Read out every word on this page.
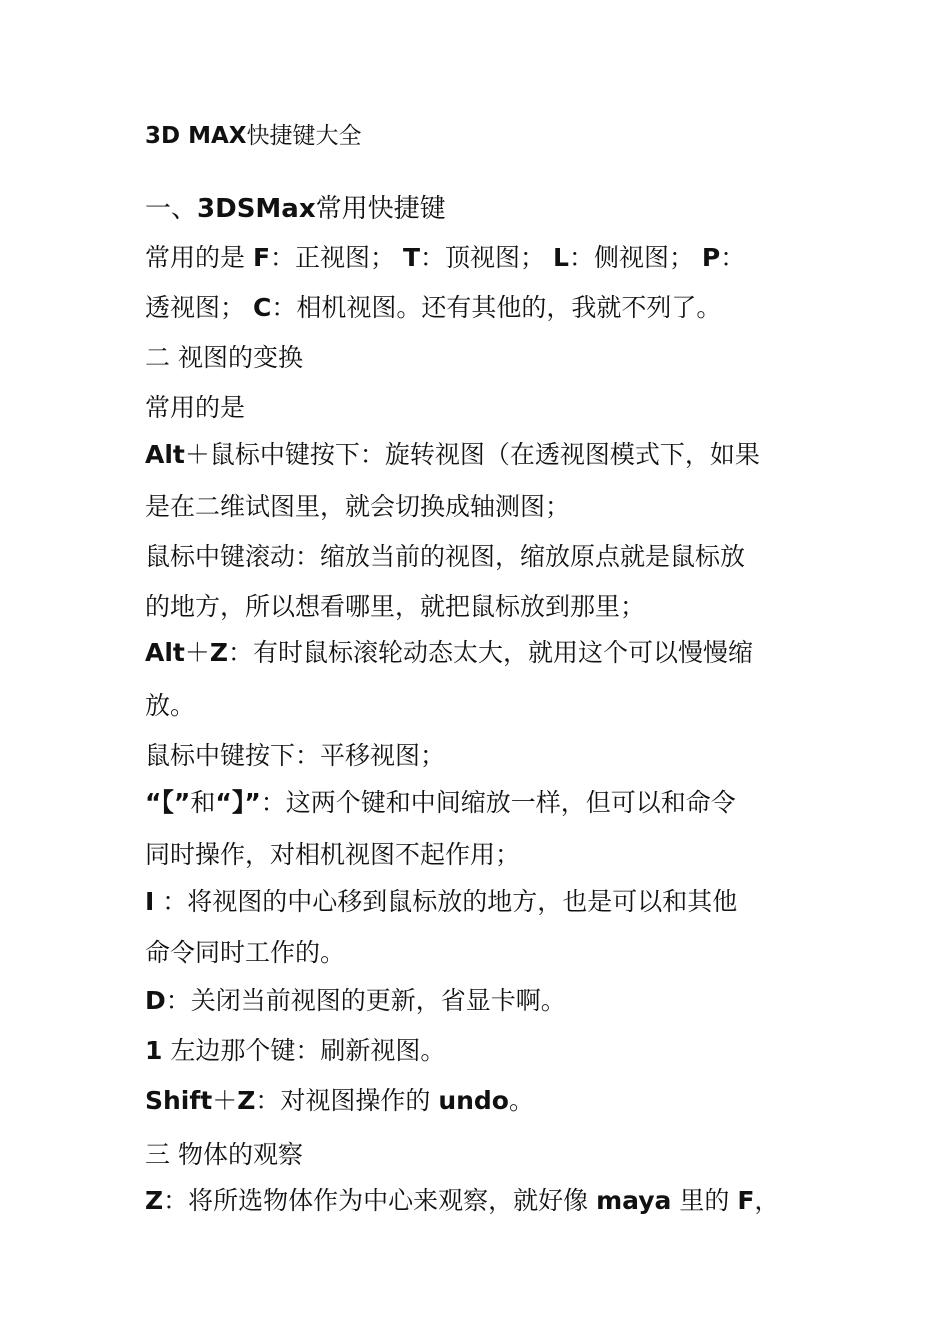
3D MAX快捷键大全
一、3DSMax常用快捷键
常用的是 F：正视图； T：顶视图； L：侧视图； P：
透视图； C：相机视图。还有其他的，我就不列了。
二 视图的变换
常用的是
Alt＋鼠标中键按下：旋转视图（在透视图模式下，如果
是在二维试图里，就会切换成轴测图；
鼠标中键滚动：缩放当前的视图，缩放原点就是鼠标放
的地方，所以想看哪里，就把鼠标放到那里；
Alt＋Z：有时鼠标滚轮动态太大，就用这个可以慢慢缩
放。
鼠标中键按下：平移视图；
“【”和“】”：这两个键和中间缩放一样，但可以和命令
同时操作，对相机视图不起作用；
I ：将视图的中心移到鼠标放的地方，也是可以和其他
命令同时工作的。
D：关闭当前视图的更新，省显卡啊。
1 左边那个键：刷新视图。
Shift＋Z：对视图操作的 undo。
三 物体的观察
Z：将所选物体作为中心来观察，就好像 maya 里的 F，
